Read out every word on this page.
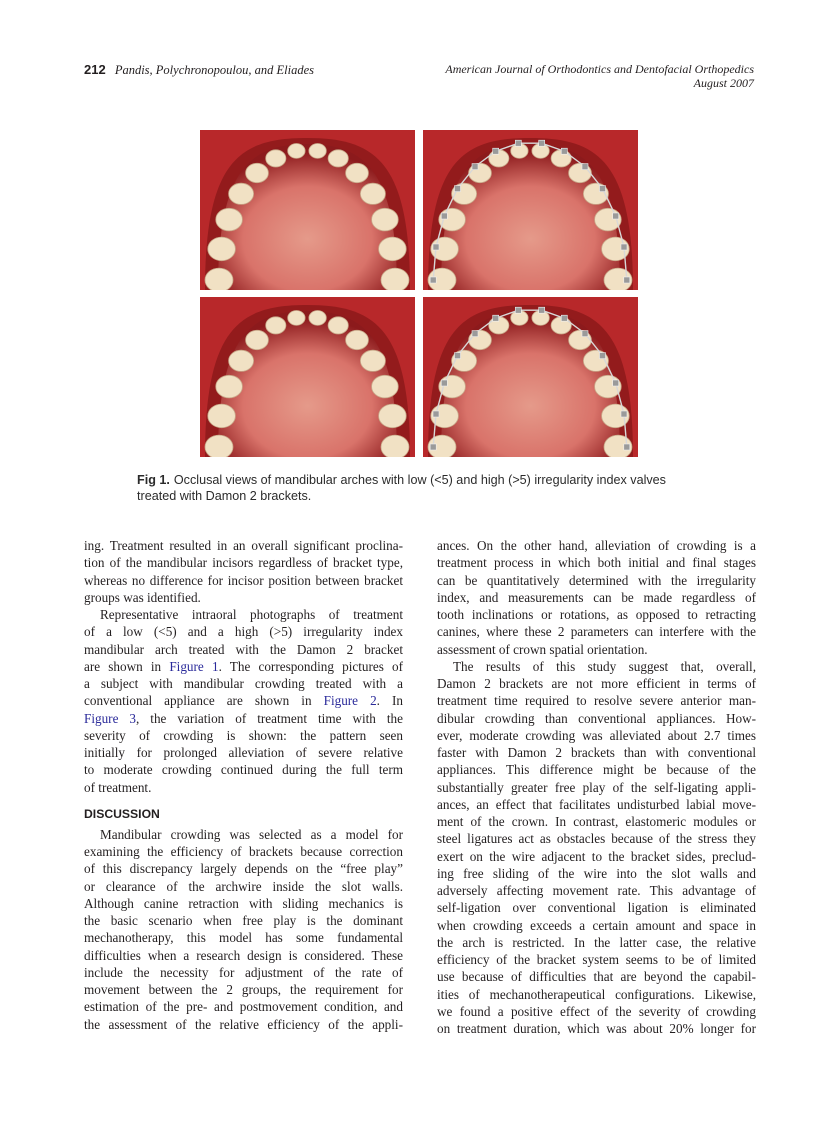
212 Pandis, Polychronopoulou, and Eliades	American Journal of Orthodontics and Dentofacial Orthopedics
August 2007
Fig 1. Occlusal views of mandibular arches with low (<5) and high (>5) irregularity index valves
treated with Damon 2 brackets.
ing. Treatment resulted in an overall significant proclina-
tion of the mandibular incisors regardless of bracket type,
whereas no difference for incisor position between bracket
groups was identified.
Representative intraoral photographs of treatment
of a low (<5) and a high (>5) irregularity index
mandibular arch treated with the Damon 2 bracket
are shown in Figure 1. The corresponding pictures of
a subject with mandibular crowding treated with a
conventional appliance are shown in Figure 2. In
Figure 3, the variation of treatment time with the
severity of crowding is shown: the pattern seen
initially for prolonged alleviation of severe relative
to moderate crowding continued during the full term
of treatment.
DISCUSSION
Mandibular crowding was selected as a model for
examining the efficiency of brackets because correction
of this discrepancy largely depends on the “free play”
or clearance of the archwire inside the slot walls.
Although canine retraction with sliding mechanics is
the basic scenario when free play is the dominant
mechanotherapy, this model has some fundamental
difficulties when a research design is considered. These
include the necessity for adjustment of the rate of
movement between the 2 groups, the requirement for
estimation of the pre- and postmovement condition, and
the assessment of the relative efficiency of the appli-
ances. On the other hand, alleviation of crowding is a
treatment process in which both initial and final stages
can be quantitatively determined with the irregularity
index, and measurements can be made regardless of
tooth inclinations or rotations, as opposed to retracting
canines, where these 2 parameters can interfere with the
assessment of crown spatial orientation.
The results of this study suggest that, overall,
Damon 2 brackets are not more efficient in terms of
treatment time required to resolve severe anterior man-
dibular crowding than conventional appliances. How-
ever, moderate crowding was alleviated about 2.7 times
faster with Damon 2 brackets than with conventional
appliances. This difference might be because of the
substantially greater free play of the self-ligating appli-
ances, an effect that facilitates undisturbed labial move-
ment of the crown. In contrast, elastomeric modules or
steel ligatures act as obstacles because of the stress they
exert on the wire adjacent to the bracket sides, preclud-
ing free sliding of the wire into the slot walls and
adversely affecting movement rate. This advantage of
self-ligation over conventional ligation is eliminated
when crowding exceeds a certain amount and space in
the arch is restricted. In the latter case, the relative
efficiency of the bracket system seems to be of limited
use because of difficulties that are beyond the capabil-
ities of mechanotherapeutical configurations. Likewise,
we found a positive effect of the severity of crowding
on treatment duration, which was about 20% longer for
